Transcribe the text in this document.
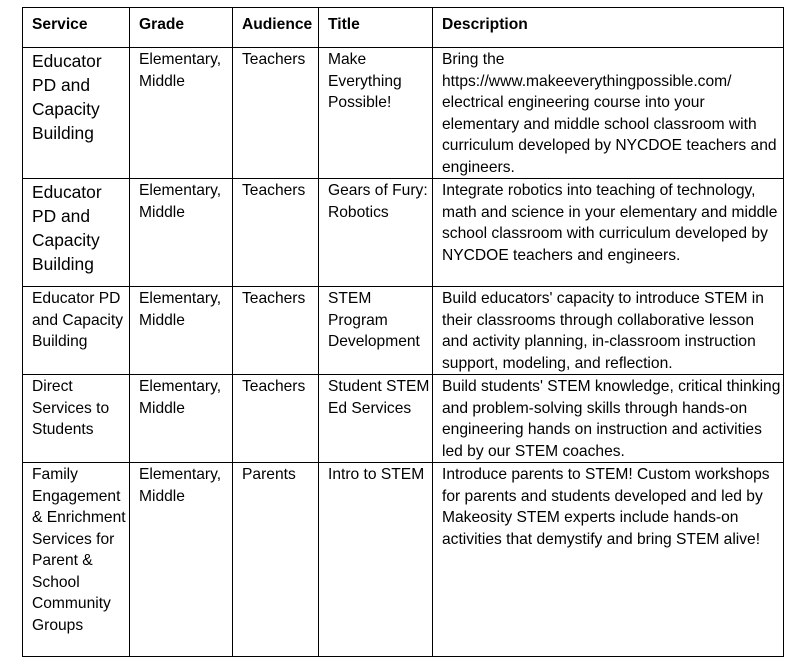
Service	Grade	Audience	Title	Description
Educator PD and Capacity Building	Elementary, Middle	Teachers	Make Everything Possible!	Bring the https://www.makeeverythingpossible.com/ electrical engineering course into your elementary and middle school classroom with curriculum developed by NYCDOE teachers and engineers.
Educator PD and Capacity Building	Elementary, Middle	Teachers	Gears of Fury: Robotics	Integrate robotics into teaching of technology, math and science in your elementary and middle school classroom with curriculum developed by NYCDOE teachers and engineers.
Educator PD and Capacity Building	Elementary, Middle	Teachers	STEM Program Development	Build educators' capacity to introduce STEM in their classrooms through collaborative lesson and activity planning, in-classroom instruction support, modeling, and reflection.
Direct Services to Students	Elementary, Middle	Teachers	Student STEM Ed Services	Build students' STEM knowledge, critical thinking and problem-solving skills through hands-on engineering hands on instruction and activities led by our STEM coaches.
Family Engagement & Enrichment Services for Parent & School Community Groups	Elementary, Middle	Parents	Intro to STEM	Introduce parents to STEM! Custom workshops for parents and students developed and led by Makeosity STEM experts include hands-on activities that demystify and bring STEM alive!
